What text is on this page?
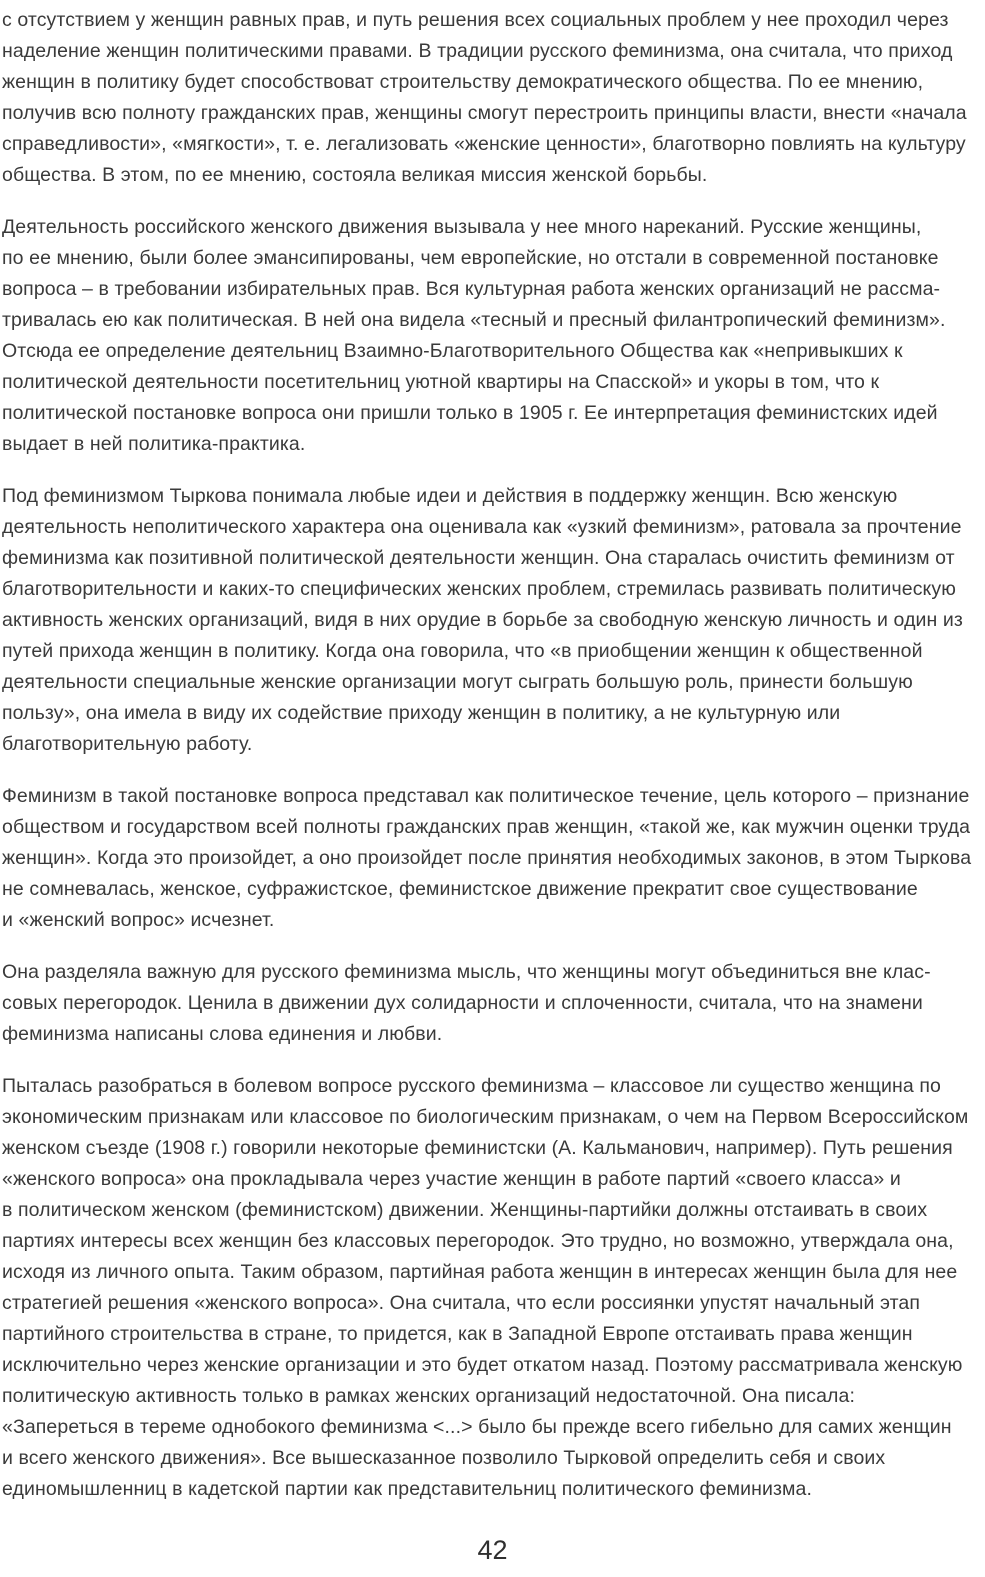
с отсутствием у женщин равных прав, и путь решения всех социальных проблем у нее проходил через
наделение женщин политическими правами. В традиции русского феминизма, она считала, что приход
женщин в политику будет способствоват строительству демократического общества. По ее мнению,
получив всю полноту гражданских прав, женщины смогут перестроить принципы власти, внести «начала
справедливости», «мягкости», т. е. легализовать «женские ценности», благотворно повлиять на культуру
общества. В этом, по ее мнению, состояла великая миссия женской борьбы.
Деятельность российского женского движения вызывала у нее много нареканий. Русские женщины,
по ее мнению, были более эмансипированы, чем европейские, но отстали в современной постановке
вопроса – в требовании избирательных прав. Вся культурная работа женских организаций не рассма-
тривалась ею как политическая. В ней она видела «тесный и пресный филантропический феминизм».
Отсюда ее определение деятельниц Взаимно-Благотворительного Общества как «непривыкших к
политической деятельности посетительниц уютной квартиры на Спасской» и укоры в том, что к
политической постановке вопроса они пришли только в 1905 г. Ее интерпретация феминистских идей
выдает в ней политика-практика.
Под феминизмом Тыркова понимала любые идеи и действия в поддержку женщин. Всю женскую
деятельность неполитического характера она оценивала как «узкий феминизм», ратовала за прочтение
феминизма как позитивной политической деятельности женщин. Она старалась очистить феминизм от
благотворительности и каких-то специфических женских проблем, стремилась развивать политическую
активность женских организаций, видя в них орудие в борьбе за свободную женскую личность и один из
путей прихода женщин в политику. Когда она говорила, что «в приобщении женщин к общественной
деятельности специальные женские организации могут сыграть большую роль, принести большую
пользу», она имела в виду их содействие приходу женщин в политику, а не культурную или
благотворительную работу.
Феминизм в такой постановке вопроса представал как политическое течение, цель которого – признание
обществом и государством всей полноты гражданских прав женщин, «такой же, как мужчин оценки труда
женщин». Когда это произойдет, а оно произойдет после принятия необходимых законов, в этом Тыркова
не сомневалась, женское, суфражистское, феминистское движение прекратит свое существование
и «женский вопрос» исчезнет.
Она разделяла важную для русского феминизма мысль, что женщины могут объединиться вне клас-
совых перегородок. Ценила в движении дух солидарности и сплоченности, считала, что на знамени
феминизма написаны слова единения и любви.
Пыталась разобраться в болевом вопросе русского феминизма – классовое ли существо женщина по
экономическим признакам или классовое по биологическим признакам, о чем на Первом Всероссийском
женском съезде (1908 г.) говорили некоторые феминистски (А. Кальманович, например). Путь решения
«женского вопроса» она прокладывала через участие женщин в работе партий «своего класса» и
в политическом женском (феминистском) движении. Женщины-партийки должны отстаивать в своих
партиях интересы всех женщин без классовых перегородок. Это трудно, но возможно, утверждала она,
исходя из личного опыта. Таким образом, партийная работа женщин в интересах женщин была для нее
стратегией решения «женского вопроса». Она считала, что если россиянки упустят начальный этап
партийного строительства в стране, то придется, как в Западной Европе отстаивать права женщин
исключительно через женские организации и это будет откатом назад. Поэтому рассматривала женскую
политическую активность только в рамках женских организаций недостаточной. Она писала:
«Запереться в тереме однобокого феминизма <...> было бы прежде всего гибельно для самих женщин
и всего женского движения». Все вышесказанное позволило Тырковой определить себя и своих
единомышленниц в кадетской партии как представительниц политического феминизма.
42
